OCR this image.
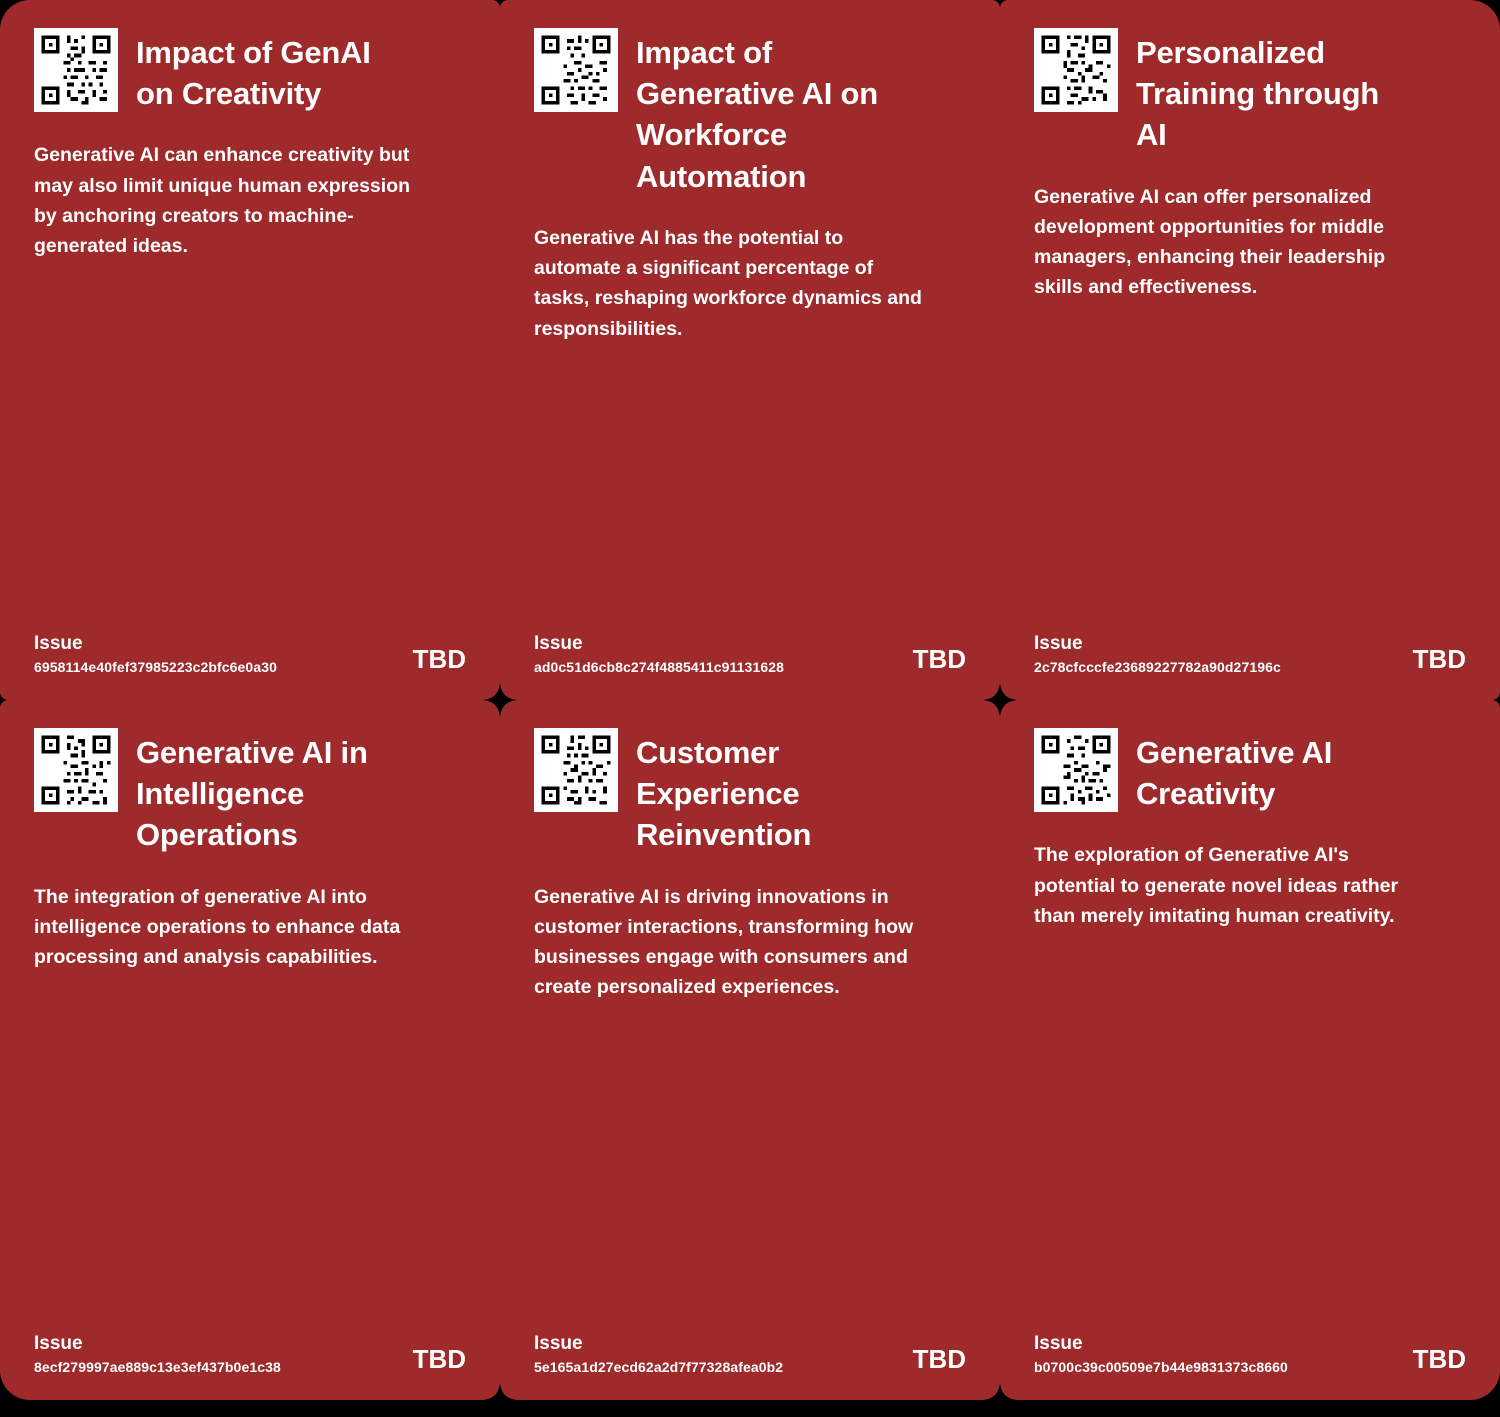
Impact of GenAI on Creativity
Generative AI can enhance creativity but may also limit unique human expression by anchoring creators to machine-generated ideas.
Issue
6958114e40fef37985223c2bfc6e0a30	TBD
Impact of Generative AI on Workforce Automation
Generative AI has the potential to automate a significant percentage of tasks, reshaping workforce dynamics and responsibilities.
Issue
ad0c51d6cb8c274f4885411c91131628	TBD
Personalized Training through AI
Generative AI can offer personalized development opportunities for middle managers, enhancing their leadership skills and effectiveness.
Issue
2c78cfcccfe23689227782a90d27196c	TBD
Generative AI in Intelligence Operations
The integration of generative AI into intelligence operations to enhance data processing and analysis capabilities.
Issue
8ecf279997ae889c13e3ef437b0e1c38	TBD
Customer Experience Reinvention
Generative AI is driving innovations in customer interactions, transforming how businesses engage with consumers and create personalized experiences.
Issue
5e165a1d27ecd62a2d7f77328afea0b2	TBD
Generative AI Creativity
The exploration of Generative AI's potential to generate novel ideas rather than merely imitating human creativity.
Issue
b0700c39c00509e7b44e9831373c8660	TBD
